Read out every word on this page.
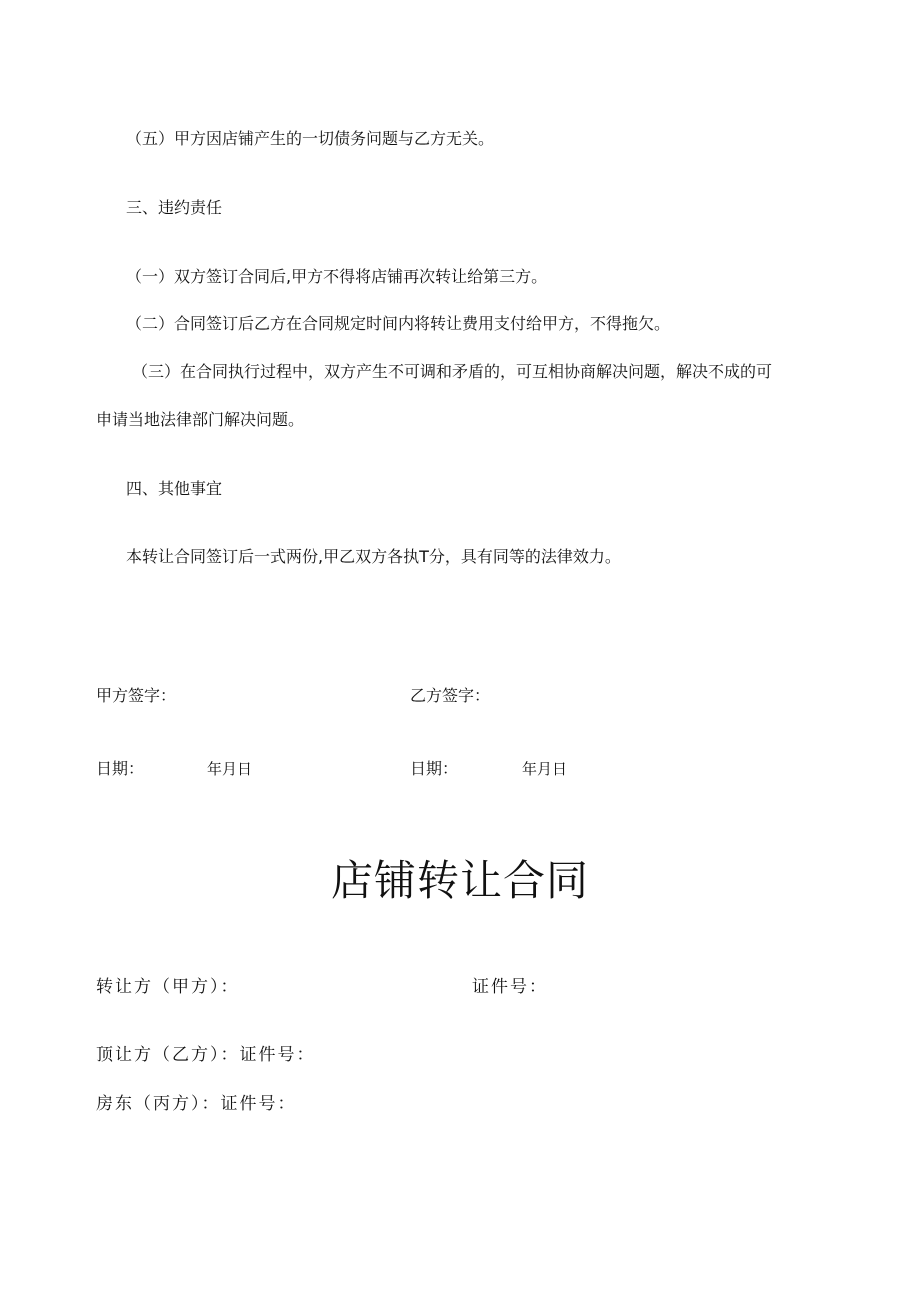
（五）甲方因店铺产生的一切债务问题与乙方无关。
三、违约责任
（一）双方签订合同后,甲方不得将店铺再次转让给第三方。
（二）合同签订后乙方在合同规定时间内将转让费用支付给甲方，不得拖欠。
（三）在合同执行过程中，双方产生不可调和矛盾的，可互相协商解决问题，解决不成的可
申请当地法律部门解决问题。
四、其他事宜
本转让合同签订后一式两份,甲乙双方各执T分，具有同等的法律效力。
甲方签字：	乙方签字：
日期：	年月日	日期：	年月日
店铺转让合同
转让方（甲方）：	证件号：
顶让方（乙方）：证件号：
房东（丙方）：证件号：
